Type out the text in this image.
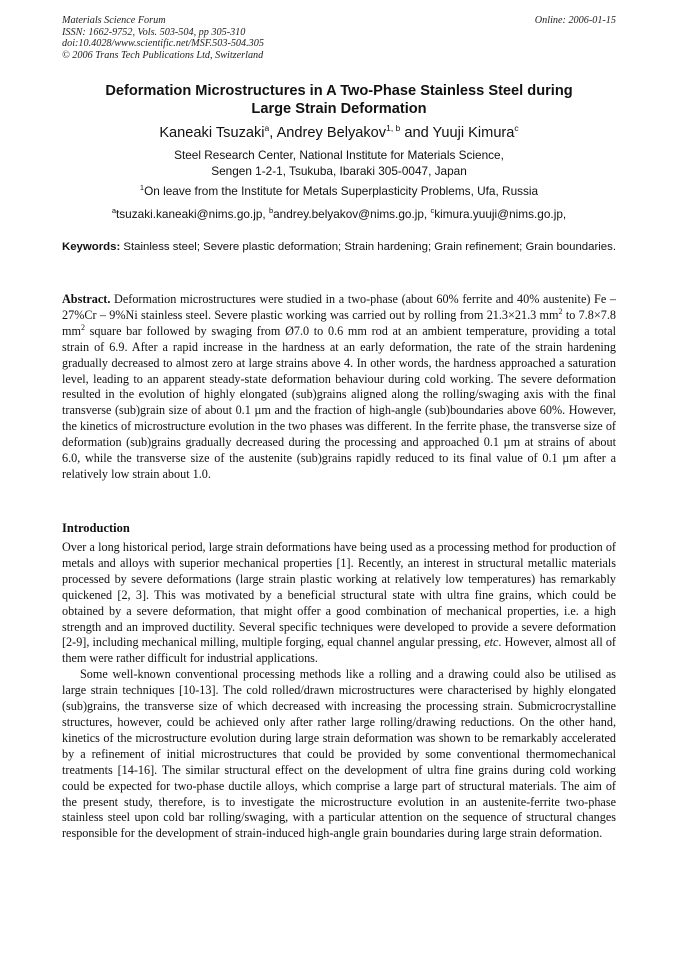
Materials Science Forum
ISSN: 1662-9752, Vols. 503-504, pp 305-310
doi:10.4028/www.scientific.net/MSF.503-504.305
© 2006 Trans Tech Publications Ltd, Switzerland
Online: 2006-01-15
Deformation Microstructures in A Two-Phase Stainless Steel during
Large Strain Deformation
Kaneaki Tsuzaki$^a$, Andrey Belyakov$^{1, b}$ and Yuuji Kimura$^c$
Steel Research Center, National Institute for Materials Science,
Sengen 1-2-1, Tsukuba, Ibaraki 305-0047, Japan
$^1$On leave from the Institute for Metals Superplasticity Problems, Ufa, Russia
$^a$tsuzaki.kaneaki@nims.go.jp, $^b$andrey.belyakov@nims.go.jp, $^c$kimura.yuuji@nims.go.jp,
Keywords: Stainless steel; Severe plastic deformation; Strain hardening; Grain refinement; Grain boundaries.
Abstract. Deformation microstructures were studied in a two-phase (about 60% ferrite and 40% austenite) Fe – 27%Cr – 9%Ni stainless steel. Severe plastic working was carried out by rolling from 21.3×21.3 $mm^2$ to 7.8×7.8 $mm^2$ square bar followed by swaging from Ø7.0 to 0.6 mm rod at an ambient temperature, providing a total strain of 6.9. After a rapid increase in the hardness at an early deformation, the rate of the strain hardening gradually decreased to almost zero at large strains above 4. In other words, the hardness approached a saturation level, leading to an apparent steady-state deformation behaviour during cold working. The severe deformation resulted in the evolution of highly elongated (sub)grains aligned along the rolling/swaging axis with the final transverse (sub)grain size of about 0.1 µm and the fraction of high-angle (sub)boundaries above 60%. However, the kinetics of microstructure evolution in the two phases was different. In the ferrite phase, the transverse size of deformation (sub)grains gradually decreased during the processing and approached 0.1 µm at strains of about 6.0, while the transverse size of the austenite (sub)grains rapidly reduced to its final value of 0.1 µm after a relatively low strain about 1.0.
Introduction

Over a long historical period, large strain deformations have being used as a processing method for production of metals and alloys with superior mechanical properties [1]. Recently, an interest in structural metallic materials processed by severe deformations (large strain plastic working at relatively low temperatures) has remarkably quickened [2, 3]. This was motivated by a beneficial structural state with ultra fine grains, which could be obtained by a severe deformation, that might offer a good combination of mechanical properties, i.e. a high strength and an improved ductility. Several specific techniques were developed to provide a severe deformation [2-9], including mechanical milling, multiple forging, equal channel angular pressing, etc. However, almost all of them were rather difficult for industrial applications.

Some well-known conventional processing methods like a rolling and a drawing could also be utilised as large strain techniques [10-13]. The cold rolled/drawn microstructures were characterised by highly elongated (sub)grains, the transverse size of which decreased with increasing the processing strain. Submicrocrystalline structures, however, could be achieved only after rather large rolling/drawing reductions. On the other hand, kinetics of the microstructure evolution during large strain deformation was shown to be remarkably accelerated by a refinement of initial microstructures that could be provided by some conventional thermomechanical treatments [14-16]. The similar structural effect on the development of ultra fine grains during cold working could be expected for two-phase ductile alloys, which comprise a large part of structural materials. The aim of the present study, therefore, is to investigate the microstructure evolution in an austenite-ferrite two-phase stainless steel upon cold bar rolling/swaging, with a particular attention on the sequence of structural changes responsible for the development of strain-induced high-angle grain boundaries during large strain deformation.
